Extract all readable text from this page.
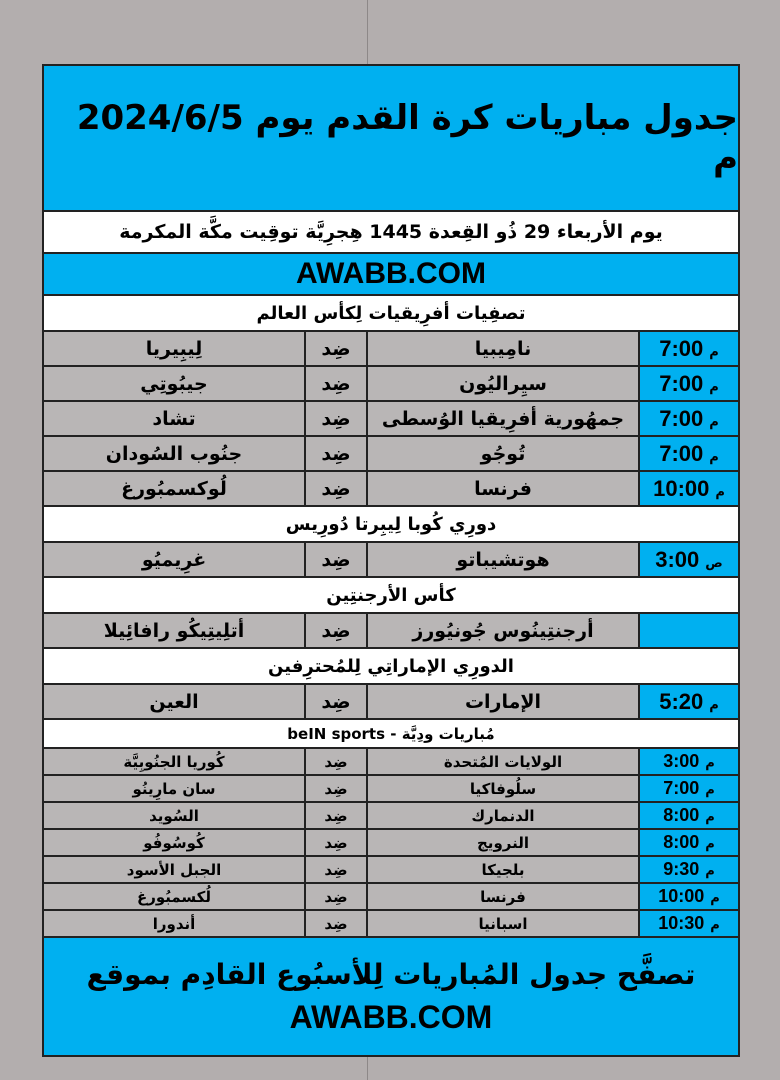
جدول مباريات كرة القدم يوم 2024/6/5 م
يوم الأربعاء 29 ذُو القِعدة 1445 هِجرِيَّة توقِيت مكَّة المكرمة
AWABB.COM
تصفِيات أفرِيقيات لِكأس العالم
7:00 م
نامِيبيا
ضِد
لِيبِيريا
7:00 م
سيِراليُون
ضِد
جيبُوتِي
7:00 م
جمهُورية أفرِيقيا الوُسطى
ضِد
تشاد
7:00 م
تُوجُو
ضِد
جنُوب السُودان
10:00 م
فرنسا
ضِد
لُوكسمبُورغ
دورِي كُوبا لِيبِرتا دُورِيس
3:00 ص
هوتشيباتو
ضِد
غرِيميُو
كأس الأرجنتِين
أرجنتِينُوس جُونيُورز
ضِد
أتلِيتِيكُو رافائِيلا
الدورِي الإماراتِي لِلمُحترِفين
5:20 م
الإمارات
ضِد
العين
مُباريات ودِيَّة - beIN sports
3:00 م
الولايات المُتحدة
ضِد
كُوريا الجنُوبِيَّة
7:00 م
سلُوفاكيا
ضِد
سان مارِينُو
8:00 م
الدنمارك
ضِد
السُويد
8:00 م
النرويج
ضِد
كُوسُوفُو
9:30 م
بلجيكا
ضِد
الجبل الأسود
10:00 م
فرنسا
ضِد
لُكسمبُورغ
10:30 م
اسبانيا
ضِد
أندورا
تصفَّح جدول المُباريات لِلأسبُوع القادِم بموقع
AWABB.COM
